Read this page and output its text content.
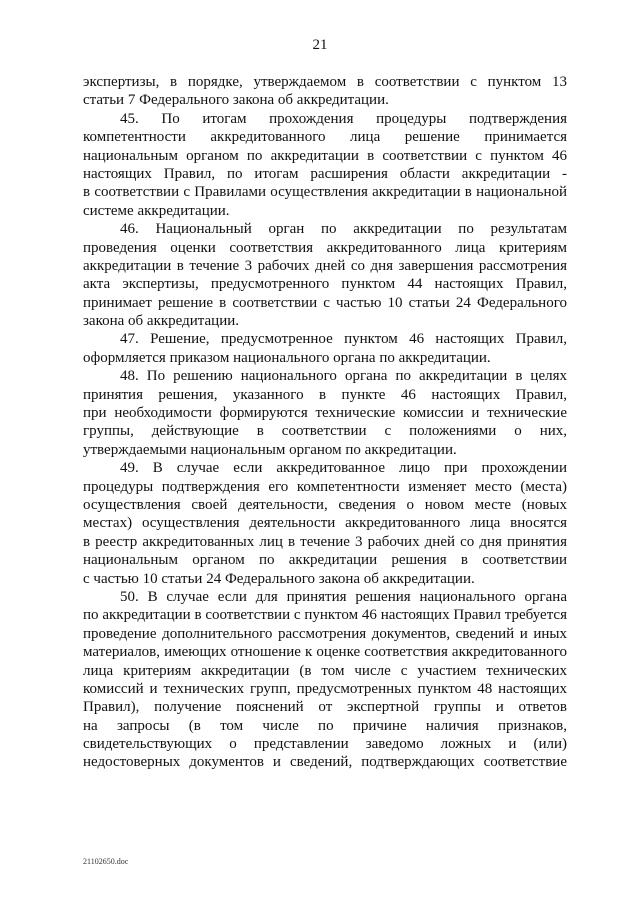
21
экспертизы, в порядке, утверждаемом в соответствии с пунктом 13
статьи 7 Федерального закона об аккредитации.
45. По итогам прохождения процедуры подтверждения
компетентности аккредитованного лица решение принимается
национальным органом по аккредитации в соответствии с пунктом 46
настоящих Правил, по итогам расширения области аккредитации -
в соответствии с Правилами осуществления аккредитации в национальной
системе аккредитации.
46. Национальный орган по аккредитации по результатам
проведения оценки соответствия аккредитованного лица критериям
аккредитации в течение 3 рабочих дней со дня завершения рассмотрения
акта экспертизы, предусмотренного пунктом 44 настоящих Правил,
принимает решение в соответствии с частью 10 статьи 24 Федерального
закона об аккредитации.
47. Решение, предусмотренное пунктом 46 настоящих Правил,
оформляется приказом национального органа по аккредитации.
48. По решению национального органа по аккредитации в целях
принятия решения, указанного в пункте 46 настоящих Правил,
при необходимости формируются технические комиссии и технические
группы, действующие в соответствии с положениями о них,
утверждаемыми национальным органом по аккредитации.
49. В случае если аккредитованное лицо при прохождении
процедуры подтверждения его компетентности изменяет место (места)
осуществления своей деятельности, сведения о новом месте (новых
местах) осуществления деятельности аккредитованного лица вносятся
в реестр аккредитованных лиц в течение 3 рабочих дней со дня принятия
национальным органом по аккредитации решения в соответствии
с частью 10 статьи 24 Федерального закона об аккредитации.
50. В случае если для принятия решения национального органа
по аккредитации в соответствии с пунктом 46 настоящих Правил требуется
проведение дополнительного рассмотрения документов, сведений и иных
материалов, имеющих отношение к оценке соответствия аккредитованного
лица критериям аккредитации (в том числе с участием технических
комиссий и технических групп, предусмотренных пунктом 48 настоящих
Правил), получение пояснений от экспертной группы и ответов
на запросы (в том числе по причине наличия признаков,
свидетельствующих о представлении заведомо ложных и (или)
недостоверных документов и сведений, подтверждающих соответствие
21102650.doc
